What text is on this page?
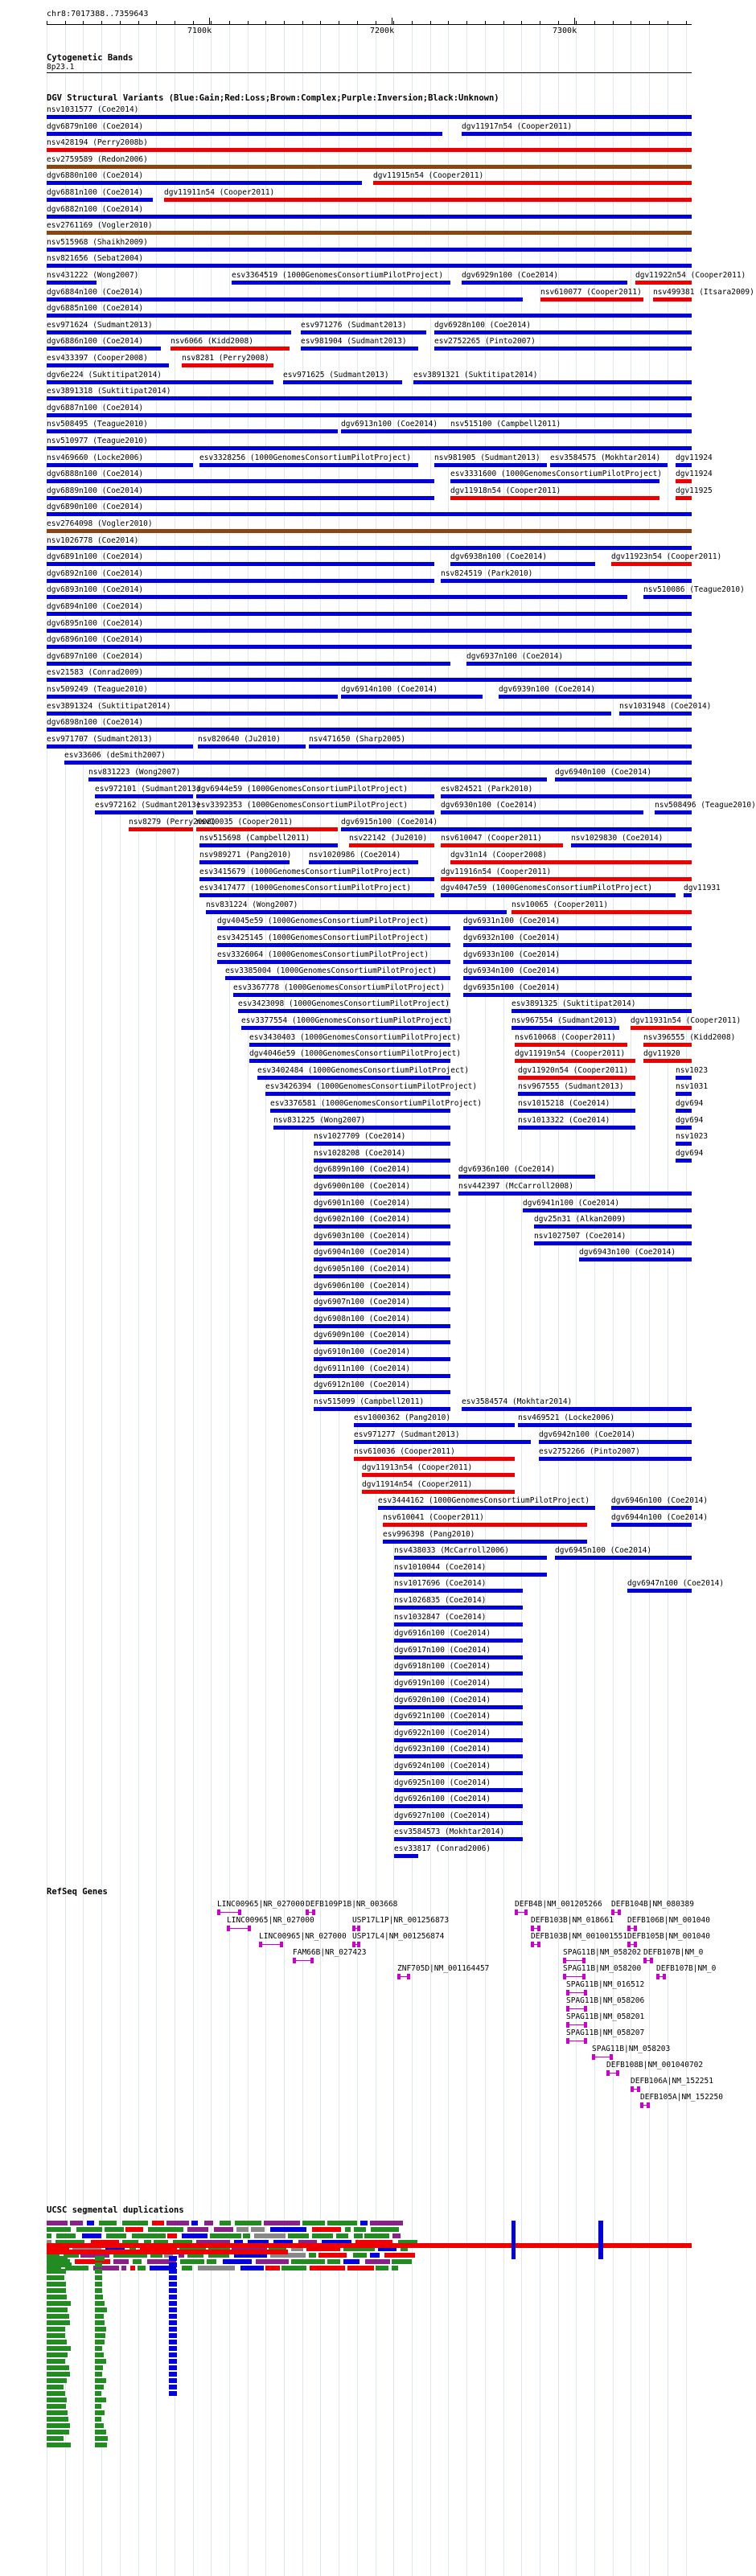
chr8:7017388..7359643
7100k	7200k	7300k
Cytogenetic Bands
8p23.1
DGV Structural Variants (Blue:Gain;Red:Loss;Brown:Complex;Purple:Inversion;Black:Unknown)
nsv1031577 (Coe2014)
dgv6879n100 (Coe2014)	dgv11917n54 (Cooper2011)
nsv428194 (Perry2008b)
esv2759589 (Redon2006)
dgv6880n100 (Coe2014)	dgv11915n54 (Cooper2011)
dgv6881n100 (Coe2014)	dgv11911n54 (Cooper2011)
dgv6882n100 (Coe2014)
esv2761169 (Vogler2010)
nsv515968 (Shaikh2009)
nsv821656 (Sebat2004)
nsv431222 (Wong2007)	esv3364519 (1000GenomesConsortiumPilotProject) dgv6929n100 (Coe2014)	dgv11922n54 (Cooper2011)
dgv6884n100 (Coe2014)	nsv610077 (Cooper2011) nsv499381 (Itsara2009)
dgv6885n100 (Coe2014)
esv971624 (Sudmant2013)	esv971276 (Sudmant2013)	dgv6928n100 (Coe2014)
dgv6886n100 (Coe2014)	nsv6066 (Kidd2008)	esv981904 (Sudmant2013)	esv2752265 (Pinto2007)
esv433397 (Cooper2008)	nsv8281 (Perry2008)
dgv6e224 (Suktitipat2014)	esv971625 (Sudmant2013)	esv3891321 (Suktitipat2014)
esv3891318 (Suktitipat2014)
dgv6887n100 (Coe2014)
nsv508495 (Teague2010)	dgv6913n100 (Coe2014) nsv515100 (Campbell2011)
nsv510977 (Teague2010)
nsv469660 (Locke2006)	esv3328256 (1000GenomesConsortiumPilotProject)	nsv981905 (Sudmant2013) esv3584575 (Mokhtar2014) dgv11924
dgv6888n100 (Coe2014)	esv3331600 (1000GenomesConsortiumPilotProject) dgv11924
dgv6889n100 (Coe2014)	dgv11918n54 (Cooper2011)	dgv11925
dgv6890n100 (Coe2014)
esv2764098 (Vogler2010)
nsv1026778 (Coe2014)
dgv6891n100 (Coe2014)	dgv6938n100 (Coe2014)	dgv11923n54 (Cooper2011)
dgv6892n100 (Coe2014)	nsv824519 (Park2010)
dgv6893n100 (Coe2014)	nsv510086 (Teague2010)
dgv6894n100 (Coe2014)
dgv6895n100 (Coe2014)
dgv6896n100 (Coe2014)
dgv6897n100 (Coe2014)	dgv6937n100 (Coe2014)
esv21583 (Conrad2009)
nsv509249 (Teague2010)	dgv6914n100 (Coe2014)	dgv6939n100 (Coe2014)
esv3891324 (Suktitipat2014)	nsv1031948 (Coe2014)
dgv6898n100 (Coe2014)
esv971707 (Sudmant2013)	nsv820640 (Ju2010)	nsv471650 (Sharp2005)
esv33606 (deSmith2007)
nsv831223 (Wong2007)	dgv6940n100 (Coe2014)
esv972101 (Sudmant2013)
dgv6944e59 (1000GenomesConsortiumPilotProject)	esv824521 (Park2010)
esv972162 (Sudmant2013)
esv3392353 (1000GenomesConsortiumPilotProject)	dgv6930n100 (Coe2014)	nsv508496 (Teague2010)
nsv8279 (Perry2008)
nsv10035 (Cooper2011)	dgv6915n100 (Coe2014)
nsv515698 (Campbell2011)	nsv22142 (Ju2010) nsv610047 (Cooper2011)	nsv1029830 (Coe2014)
nsv989271 (Pang2010) nsv1020986 (Coe2014)	dgv31n14 (Cooper2008)
esv3415679 (1000GenomesConsortiumPilotProject)	dgv11916n54 (Cooper2011)
esv3417477 (1000GenomesConsortiumPilotProject)	dgv4047e59 (1000GenomesConsortiumPilotProject)	dgv11931
nsv831224 (Wong2007)	nsv10065 (Cooper2011)
dgv4045e59 (1000GenomesConsortiumPilotProject)	dgv6931n100 (Coe2014)
esv3425145 (1000GenomesConsortiumPilotProject)	dgv6932n100 (Coe2014)
esv3326064 (1000GenomesConsortiumPilotProject)	dgv6933n100 (Coe2014)
esv3385004 (1000GenomesConsortiumPilotProject)	dgv6934n100 (Coe2014)
esv3367778 (1000GenomesConsortiumPilotProject) dgv6935n100 (Coe2014)
esv3423098 (1000GenomesConsortiumPilotProject)	esv3891325 (Suktitipat2014)
esv3377554 (1000GenomesConsortiumPilotProject)	nsv967554 (Sudmant2013) dgv11931n54 (Cooper2011)
esv3430403 (1000GenomesConsortiumPilotProject)	nsv610068 (Cooper2011)	nsv396555 (Kidd2008)
dgv4046e59 (1000GenomesConsortiumPilotProject)	dgv11919n54 (Cooper2011) dgv11920
esv3402484 (1000GenomesConsortiumPilotProject)	dgv11920n54 (Cooper2011)	nsv1023
esv3426394 (1000GenomesConsortiumPilotProject)	nsv967555 (Sudmant2013)	nsv1031
esv3376581 (1000GenomesConsortiumPilotProject)	nsv1015218 (Coe2014)	dgv694
nsv831225 (Wong2007)	nsv1013322 (Coe2014)	dgv694
nsv1027709 (Coe2014)	nsv1023
nsv1028208 (Coe2014)	dgv694
dgv6899n100 (Coe2014)	dgv6936n100 (Coe2014)
dgv6900n100 (Coe2014)	nsv442397 (McCarroll2008)
dgv6901n100 (Coe2014)	dgv6941n100 (Coe2014)
dgv6902n100 (Coe2014)	dgv25n31 (Alkan2009)
dgv6903n100 (Coe2014)	nsv1027507 (Coe2014)
dgv6904n100 (Coe2014)	dgv6943n100 (Coe2014)
dgv6905n100 (Coe2014)
dgv6906n100 (Coe2014)
dgv6907n100 (Coe2014)
dgv6908n100 (Coe2014)
dgv6909n100 (Coe2014)
dgv6910n100 (Coe2014)
dgv6911n100 (Coe2014)
dgv6912n100 (Coe2014)
nsv515099 (Campbell2011)	esv3584574 (Mokhtar2014)
esv1000362 (Pang2010)	nsv469521 (Locke2006)
esv971277 (Sudmant2013)	dgv6942n100 (Coe2014)
nsv610036 (Cooper2011)	esv2752266 (Pinto2007)
dgv11913n54 (Cooper2011)
dgv11914n54 (Cooper2011)
esv3444162 (1000GenomesConsortiumPilotProject)	dgv6946n100 (Coe2014)
nsv610041 (Cooper2011)	dgv6944n100 (Coe2014)
esv996398 (Pang2010)
nsv438033 (McCarroll2006)	dgv6945n100 (Coe2014)
nsv1010044 (Coe2014)
nsv1017696 (Coe2014)	dgv6947n100 (Coe2014)
nsv1026835 (Coe2014)
nsv1032847 (Coe2014)
dgv6916n100 (Coe2014)
dgv6917n100 (Coe2014)
dgv6918n100 (Coe2014)
dgv6919n100 (Coe2014)
dgv6920n100 (Coe2014)
dgv6921n100 (Coe2014)
dgv6922n100 (Coe2014)
dgv6923n100 (Coe2014)
dgv6924n100 (Coe2014)
dgv6925n100 (Coe2014)
dgv6926n100 (Coe2014)
dgv6927n100 (Coe2014)
esv3584573 (Mokhtar2014)
esv33817 (Conrad2006)
RefSeq Genes
LINC00965|NR_027000 DEFB109P1B|NR_003668	DEFB4B|NM_001205266 DEFB104B|NM_080389
LINC00965|NR_027000	USP17L1P|NR_001256873	DEFB103B|NM_018661 DEFB106B|NM_001040
LINC00965|NR_027000 USP17L4|NM_001256874	DEFB103B|NM_001001551 DEFB105B|NM_001040
FAM66B|NR_027423	SPAG11B|NM_058202 DEFB107B|NM_0
ZNF705D|NM_001164457	SPAG11B|NM_058200 DEFB107B|NM_0
SPAG11B|NM_016512
SPAG11B|NM_058206
SPAG11B|NM_058201
SPAG11B|NM_058207
SPAG11B|NM_058203
DEFB108B|NM_001040702
DEFB106A|NM_152251
DEFB105A|NM_152250
UCSC segmental duplications
